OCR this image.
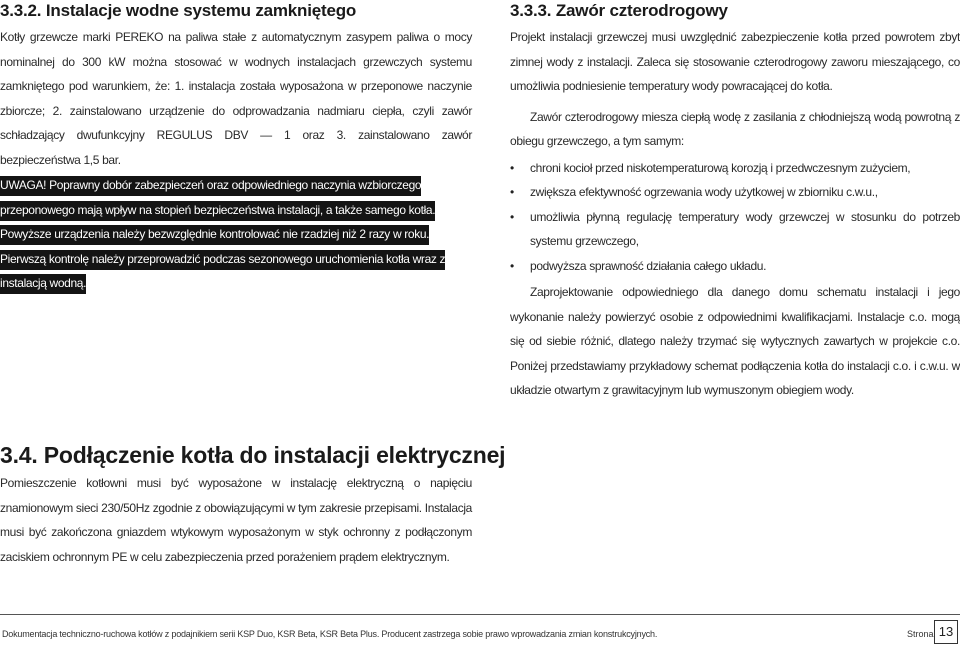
3.3.2. Instalacje wodne systemu zamkniętego

Kotły grzewcze marki PEREKO na paliwa stałe z automatycznym zasypem paliwa o mocy nominalnej do 300 kW można stosować w wodnych instalacjach grzewczych systemu zamkniętego pod warunkiem, że: 1. instalacja została wyposażona w przeponowe naczynie zbiorcze; 2. zainstalowano urządzenie do odprowadzania nadmiaru ciepła, czyli zawór schładzający dwufunkcyjny REGULUS DBV — 1 oraz 3. zainstalowano zawór bezpieczeństwa 1,5 bar.

UWAGA! Poprawny dobór zabezpieczeń oraz odpowiedniego naczynia wzbiorczego przeponowego mają wpływ na stopień bezpieczeństwa instalacji, a także samego kotła. Powyższe urządzenia należy bezwzględnie kontrolować nie rzadziej niż 2 razy w roku. Pierwszą kontrolę należy przeprowadzić podczas sezonowego uruchomienia kotła wraz z instalacją wodną.
3.4. Podłączenie kotła do instalacji elektrycznej

Pomieszczenie kotłowni musi być wyposażone w instalację elektryczną o napięciu znamionowym sieci 230/50Hz zgodnie z obowiązującymi w tym zakresie przepisami. Instalacja musi być zakończona gniazdem wtykowym wyposażonym w styk ochronny z podłączonym zaciskiem ochronnym PE w celu zabezpieczenia przed porażeniem prądem elektrycznym.

3.3.3. Zawór czterodrogowy

Projekt instalacji grzewczej musi uwzględnić zabezpieczenie kotła przed powrotem zbyt zimnej wody z instalacji. Zaleca się stosowanie czterodrogowy zaworu mieszającego, co umożliwia podniesienie temperatury wody powracającej do kotła.

Zawór czterodrogowy miesza ciepłą wodę z zasilania z chłodniejszą wodą powrotną z obiegu grzewczego, a tym samym:

• chroni kocioł przed niskotemperaturową korozją i przedwczesnym zużyciem,
• zwiększa efektywność ogrzewania wody użytkowej w zbiorniku c.w.u.,
• umożliwia płynną regulację temperatury wody grzewczej w stosunku do potrzeb systemu grzewczego,
• podwyższa sprawność działania całego układu.

Zaprojektowanie odpowiedniego dla danego domu schematu instalacji i jego wykonanie należy powierzyć osobie z odpowiednimi kwalifikacjami. Instalacje c.o. mogą się od siebie różnić, dlatego należy trzymać się wytycznych zawartych w projekcie c.o. Poniżej przedstawiamy przykładowy schemat podłączenia kotła do instalacji c.o. i c.w.u. w układzie otwartym z grawitacyjnym lub wymuszonym obiegiem wody.

Dokumentacja techniczno-ruchowa kotłów z podajnikiem serii KSP Duo, KSR Beta, KSR Beta Plus. Producent zastrzega sobie prawo wprowadzania zmian konstrukcyjnych.	Strona 13
